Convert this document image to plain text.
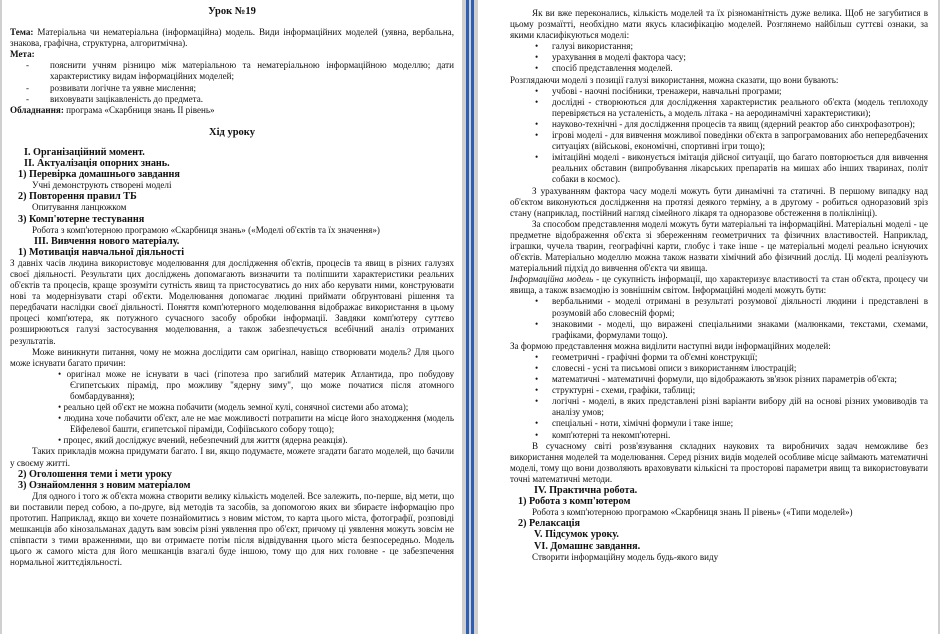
Урок №19

Тема: Матеріальна чи нематеріальна (інформаційна) модель. Види інформаційних моделей (уявна, вербальна, знакова, графічна, структурна, алгоритмічна).

Мета:

- пояснити учням різницю між матеріальною та нематеріальною інформаційною моделлю; дати характеристику видам інформаційних моделей;
- розвивати логічне та уявне мислення;
- виховувати зацікавленість до предмета.

Обладнання: програма «Скарбниця знань ІІ рівень»

Хід уроку

І. Організаційний момент.

ІІ. Актуалізація опорних знань.

1) Перевірка домашнього завдання

Учні демонструють створені моделі

2) Повторення правил ТБ

Опитування ланцюжком

3) Комп'ютерне тестування

Робота з комп'ютерною програмою «Скарбниця знань» («Моделі об'єктів та їх значення»)

ІІІ. Вивчення нового матеріалу.

1) Мотивація навчальної діяльності

З давніх часів людина використовує моделювання для дослідження об'єктів, процесів та явищ в різних галузях своєї діяльності. Результати цих досліджень допомагають визначити та поліпшити характеристики реальних об'єктів та процесів, краще зрозуміти сутність явищ та пристосуватись до них або керувати ними, конструювати нові та модернізувати старі об'єкти. Моделювання допомагає людині приймати обґрунтовані рішення та передбачати наслідки своєї діяльності. Поняття комп'ютерного моделювання відображає використання в цьому процесі комп'ютера, як потужного сучасного засобу обробки інформації. Завдяки комп'ютеру суттєво розширюються галузі застосування моделювання, а також забезпечується всебічний аналіз отриманих результатів.

Може виникнути питання, чому не можна дослідити сам оригінал, навіщо створювати модель? Для цього може існувати багато причин:

• оригінал може не існувати в часі (гіпотеза про загиблий материк Атлантида, про побудову Єгипетських пірамід, про можливу "ядерну зиму", що може початися після атомного бомбардування);

• реально цей об'єкт не можна побачити (модель земної кулі, сонячної системи або атома);

• людина хоче побачити об'єкт, але не має можливості потрапити на місце його знаходження (модель Ейфелевої башти, єгипетської піраміди, Софіївського собору тощо);

• процес, який досліджує вчений, небезпечний для життя (ядерна реакція).

Таких прикладів можна придумати багато. І ви, якщо подумаєте, можете згадати багато моделей, що бачили у своєму житті.

2) Оголошення теми і мети уроку

3) Ознайомлення з новим матеріалом

Для одного і того ж об'єкта можна створити велику кількість моделей. Все залежить, по-перше, від мети, що ви поставили перед собою, а по-друге, від методів та засобів, за допомогою яких ви збираєте інформацію про прототип. Наприклад, якщо ви хочете познайомитись з новим містом, то карта цього міста, фотографії, розповіді мешканців або кінозальманах дадуть вам зовсім різні уявлення про об'єкт, причому ці уявлення можуть зовсім не співпасти з тими враженнями, що ви отримаєте потім після відвідування цього міста безпосередньо. Модель цього ж самого міста для його мешканців взагалі буде іншою, тому що для них головне - це забезпечення нормальної життєдіяльності.

Як ви вже переконались, кількість моделей та їх різноманітність дуже велика. Щоб не загубитися в цьому розмаїтті, необхідно мати якусь класифікацію моделей. Розглянемо найбільш суттєві ознаки, за якими класифікуються моделі:

• галузі використання;
• урахування в моделі фактора часу;
• спосіб представлення моделей.

Розглядаючи моделі з позиції галузі використання, можна сказати, що вони бувають:

• учбові - наочні посібники, тренажери, навчальні програми;
• дослідні - створюються для дослідження характеристик реального об'єкта (модель теплоходу перевіряється на усталеність, а модель літака - на аеродинамічні характеристики);
• науково-технічні - для дослідження процесів та явищ (ядерний реактор або синхрофазотрон);
• ігрові моделі - для вивчення можливої поведінки об'єкта в запрограмованих або непередбачених ситуаціях (військові, економічні, спортивні ігри тощо);
• імітаційні моделі - виконується імітація дійсної ситуації, що багато повторюється для вивчення реальних обставин (випробування лікарських препаратів на мишах або інших тваринах, політ собаки в космос).

З урахуванням фактора часу моделі можуть бути динамічні та статичні. В першому випадку над об'єктом виконуються дослідження на протязі деякого терміну, а в другому - робиться одноразовий зріз стану (наприклад, постійний нагляд сімейного лікаря та одноразове обстеження в поліклініці).

За способом представлення моделі можуть бути матеріальні та інформаційні. Матеріальні моделі - це предметне відображення об'єкта зі збереженням геометричних та фізичних властивостей. Наприклад, іграшки, чучела тварин, географічні карти, глобус і таке інше - це матеріальні моделі реально існуючих об'єктів. Матеріально моделлю можна також назвати хімічний або фізичний дослід. Ці моделі реалізують матеріальний підхід до вивчення об'єкта чи явища.

Інформаційна модель - це сукупність інформації, що характеризує властивості та стан об'єкта, процесу чи явища, а також взаємодію із зовнішнім світом. Інформаційні моделі можуть бути:

• вербальними - моделі отримані в результаті розумової діяльності людини і представлені в розумовій або словесній формі;
• знаковими - моделі, що виражені спеціальними знаками (малюнками, текстами, схемами, графіками, формулами тощо).

За формою представлення можна виділити наступні види інформаційних моделей:

• геометричні - графічні форми та об'ємні конструкції;
• словесні - усні та письмові описи з використанням ілюстрацій;
• математичні - математичні формули, що відображають зв'язок різних параметрів об'єкта;
• структурні - схеми, графіки, таблиці;
• логічні - моделі, в яких представлені різні варіанти вибору дій на основі різних умовиводів та аналізу умов;
• спеціальні - ноти, хімічні формули і таке інше;
• комп'ютерні та некомп'ютерні.

В сучасному світі розв'язування складних наукових та виробничих задач неможливе без використання моделей та моделювання. Серед різних видів моделей особливе місце займають математичні моделі, тому що вони дозволяють враховувати кількісні та просторові параметри явищ та використовувати точні математичні методи.

IV. Практична робота.

1) Робота з комп'ютером

Робота з комп'ютерною програмою «Скарбниця знань ІІ рівень» («Типи моделей»)

2) Релаксація

V. Підсумок уроку.

VI. Домашнє завдання.

Створити інформаційну модель будь-якого виду
